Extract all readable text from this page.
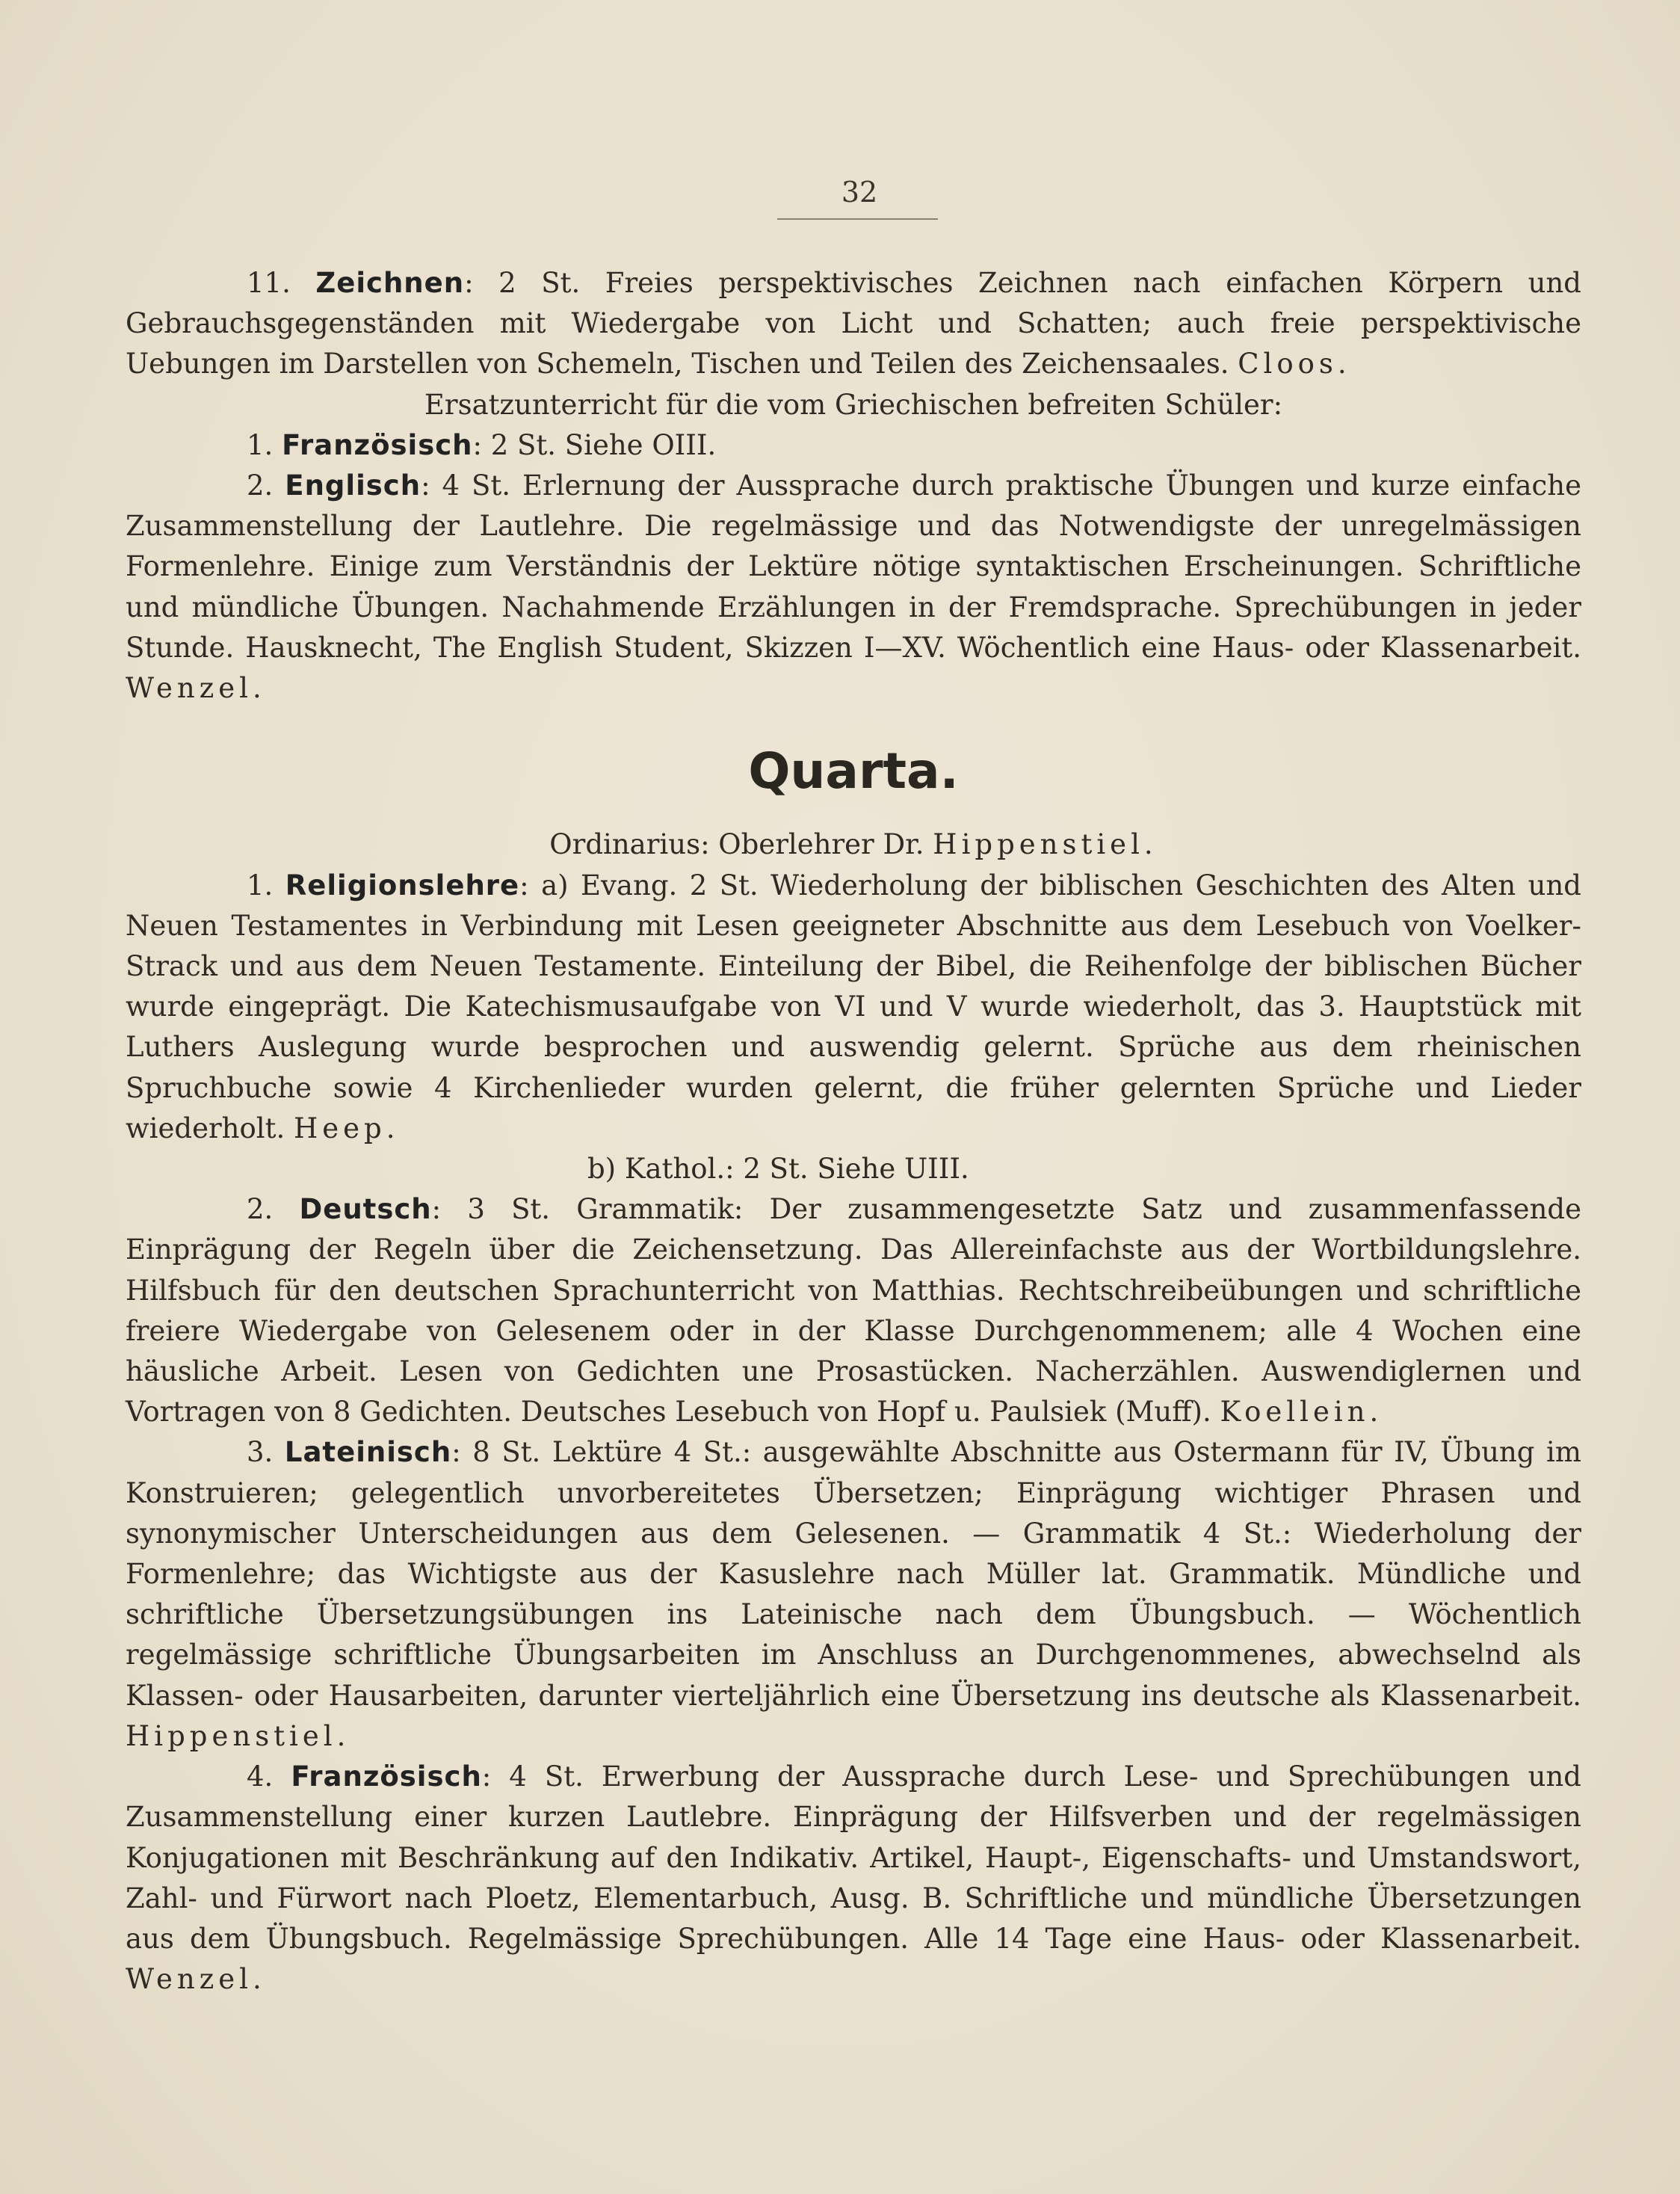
32

11. Zeichnen: 2 St. Freies perspektivisches Zeichnen nach einfachen Körpern und Gebrauchsgegenständen mit Wiedergabe von Licht und Schatten; auch freie perspektivische Uebungen im Darstellen von Schemeln, Tischen und Teilen des Zeichensaales. Cloos.

Ersatzunterricht für die vom Griechischen befreiten Schüler:

1. Französisch: 2 St. Siehe OIII.

2. Englisch: 4 St. Erlernung der Aussprache durch praktische Übungen und kurze einfache Zusammenstellung der Lautlehre. Die regelmässige und das Notwendigste der unregelmässigen Formenlehre. Einige zum Verständnis der Lektüre nötige syntaktischen Erscheinungen. Schriftliche und mündliche Übungen. Nachahmende Erzählungen in der Fremdsprache. Sprechübungen in jeder Stunde. Hausknecht, The English Student, Skizzen I—XV. Wöchentlich eine Haus- oder Klassenarbeit. Wenzel.

Quarta.

Ordinarius: Oberlehrer Dr. Hippenstiel.

1. Religionslehre: a) Evang. 2 St. Wiederholung der biblischen Geschichten des Alten und Neuen Testamentes in Verbindung mit Lesen geeigneter Abschnitte aus dem Lesebuch von Voelker-Strack und aus dem Neuen Testamente. Einteilung der Bibel, die Reihenfolge der biblischen Bücher wurde eingeprägt. Die Katechismusaufgabe von VI und V wurde wiederholt, das 3. Hauptstück mit Luthers Auslegung wurde besprochen und auswendig gelernt. Sprüche aus dem rheinischen Spruchbuche sowie 4 Kirchenlieder wurden gelernt, die früher gelernten Sprüche und Lieder wiederholt. Heep.

b) Kathol.: 2 St. Siehe UIII.

2. Deutsch: 3 St. Grammatik: Der zusammengesetzte Satz und zusammenfassende Einprägung der Regeln über die Zeichensetzung. Das Allereinfachste aus der Wortbildungslehre. Hilfsbuch für den deutschen Sprachunterricht von Matthias. Rechtschreibeübungen und schriftliche freiere Wiedergabe von Gelesenem oder in der Klasse Durchgenommenem; alle 4 Wochen eine häusliche Arbeit. Lesen von Gedichten une Prosastücken. Nacherzählen. Auswendiglernen und Vortragen von 8 Gedichten. Deutsches Lesebuch von Hopf u. Paulsiek (Muff). Koellein.

3. Lateinisch: 8 St. Lektüre 4 St.: ausgewählte Abschnitte aus Ostermann für IV, Übung im Konstruieren; gelegentlich unvorbereitetes Übersetzen; Einprägung wichtiger Phrasen und synonymischer Unterscheidungen aus dem Gelesenen. — Grammatik 4 St.: Wiederholung der Formenlehre; das Wichtigste aus der Kasuslehre nach Müller lat. Grammatik. Mündliche und schriftliche Übersetzungsübungen ins Lateinische nach dem Übungsbuch. — Wöchentlich regelmässige schriftliche Übungsarbeiten im Anschluss an Durchgenommenes, abwechselnd als Klassen- oder Hausarbeiten, darunter vierteljährlich eine Übersetzung ins deutsche als Klassenarbeit. Hippenstiel.

4. Französisch: 4 St. Erwerbung der Aussprache durch Lese- und Sprechübungen und Zusammenstellung einer kurzen Lautlebre. Einprägung der Hilfsverben und der regelmässigen Konjugationen mit Beschränkung auf den Indikativ. Artikel, Haupt-, Eigenschafts- und Umstandswort, Zahl- und Fürwort nach Ploetz, Elementarbuch, Ausg. B. Schriftliche und mündliche Übersetzungen aus dem Übungsbuch. Regelmässige Sprechübungen. Alle 14 Tage eine Haus- oder Klassenarbeit. Wenzel.
